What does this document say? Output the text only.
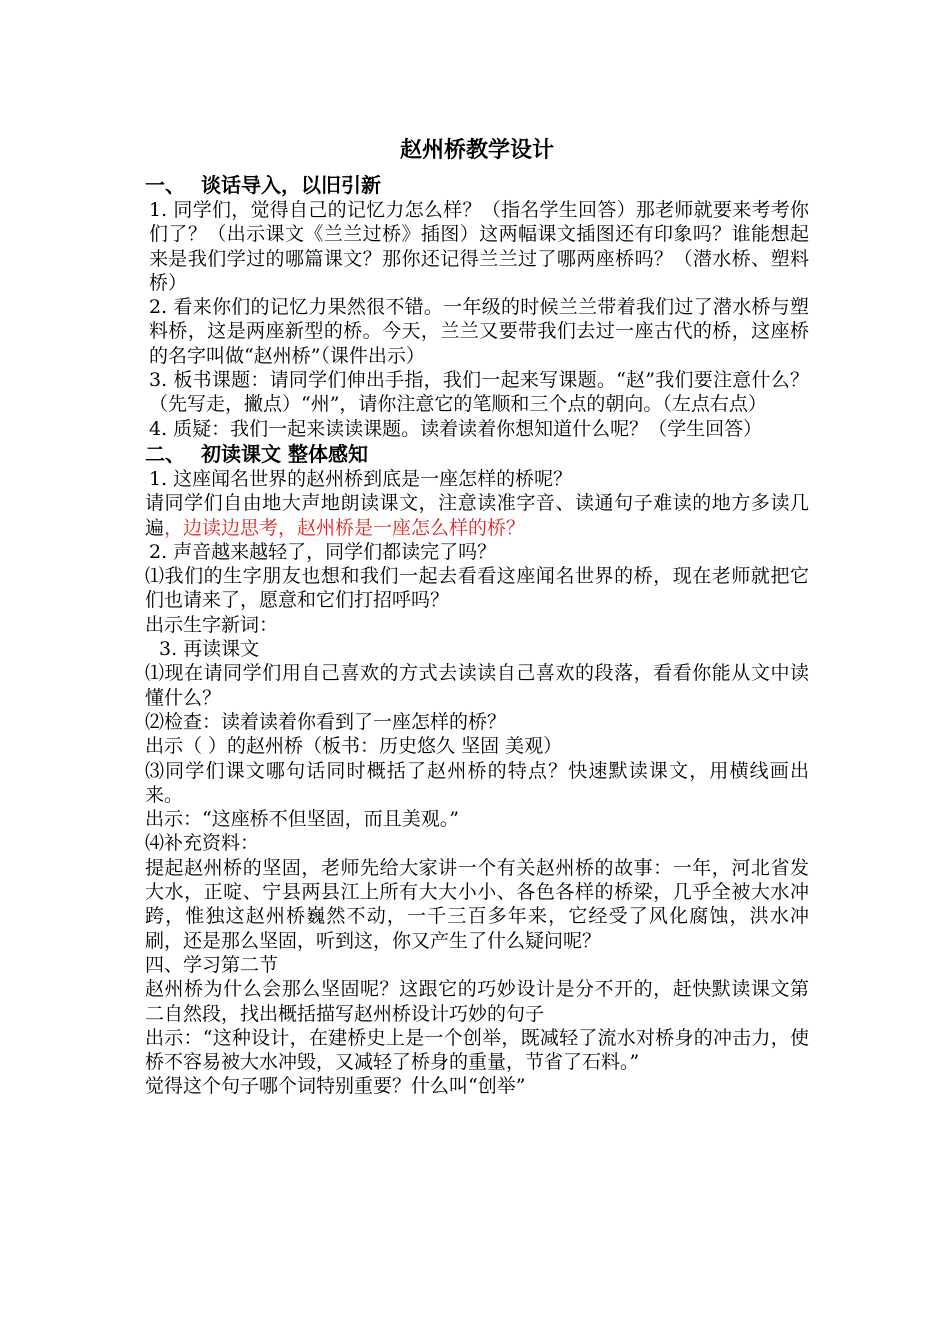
赵州桥教学设计
一、 谈话导入，以旧引新

1. 同学们，觉得自己的记忆力怎么样？（指名学生回答）那老师就要来考考你们了？（出示课文《兰兰过桥》插图）这两幅课文插图还有印象吗？谁能想起来是我们学过的哪篇课文？那你还记得兰兰过了哪两座桥吗？（潜水桥、塑料桥）

2. 看来你们的记忆力果然很不错。一年级的时候兰兰带着我们过了潜水桥与塑料桥，这是两座新型的桥。今天，兰兰又要带我们去过一座古代的桥，这座桥的名字叫做“赵州桥”（课件出示）

3. 板书课题：请同学们伸出手指，我们一起来写课题。“赵”我们要注意什么？（先写走，撇点）“州”，请你注意它的笔顺和三个点的朝向。（左点右点）

4. 质疑：我们一起来读读课题。读着读着你想知道什么呢？（学生回答）

二、 初读课文 整体感知

1. 这座闻名世界的赵州桥到底是一座怎样的桥呢？

请同学们自由地大声地朗读课文，注意读准字音、读通句子难读的地方多读几遍，边读边思考，赵州桥是一座怎么样的桥？

2. 声音越来越轻了，同学们都读完了吗？

⑴我们的生字朋友也想和我们一起去看看这座闻名世界的桥，现在老师就把它们也请来了，愿意和它们打招呼吗？

出示生字新词：

3. 再读课文

⑴现在请同学们用自己喜欢的方式去读读自己喜欢的段落，看看你能从文中读懂什么？

⑵检查：读着读着你看到了一座怎样的桥？

出示（ ）的赵州桥（板书：历史悠久 坚固 美观）

⑶同学们课文哪句话同时概括了赵州桥的特点？快速默读课文，用横线画出来。

出示：“这座桥不但坚固，而且美观。”

⑷补充资料：

提起赵州桥的坚固，老师先给大家讲一个有关赵州桥的故事：一年，河北省发大水，正啶、宁县两县江上所有大大小小、各色各样的桥梁，几乎全被大水冲跨，惟独这赵州桥巍然不动，一千三百多年来，它经受了风化腐蚀，洪水冲刷，还是那么坚固，听到这，你又产生了什么疑问呢？

四、学习第二节

赵州桥为什么会那么坚固呢？这跟它的巧妙设计是分不开的，赶快默读课文第二自然段，找出概括描写赵州桥设计巧妙的句子

出示：“这种设计，在建桥史上是一个创举，既减轻了流水对桥身的冲击力，使桥不容易被大水冲毁，又减轻了桥身的重量，节省了石料。”

觉得这个句子哪个词特别重要？什么叫“创举”
